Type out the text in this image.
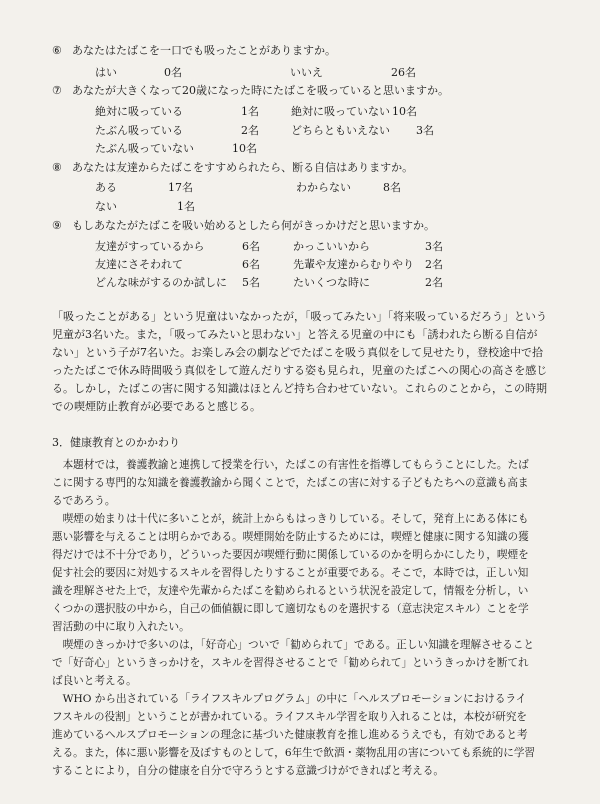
⑥ あなたはたばこを一口でも吸ったことがありますか。
はい	0名	いいえ	26名
⑦ あなたが大きくなって20歳になった時にたばこを吸っていると思いますか。
絶対に吸っている	1名	絶対に吸っていない 10名
たぶん吸っている	2名	どちらともいえない 3名
たぶん吸っていない	10名
⑧ あなたは友達からたばこをすすめられたら、断る自信はありますか。
ある	17名	わからない	8名
ない	1名
⑨ もしあなたがたばこを吸い始めるとしたら何がきっかけだと思いますか。
友達がすっているから	6名	かっこいいから	3名
友達にさそわれて	6名	先輩や友達からむりやり 2名
どんな味がするのか試しに 5名	たいくつな時に	2名

「吸ったことがある」という児童はいなかったが，「吸ってみたい」「将来吸っているだろう」という

児童が3名いた。また，「吸ってみたいと思わない」と答える児童の中にも「誘われたら断る自信が

ない」という子が7名いた。お楽しみ会の劇などでたばこを吸う真似をして見せたり，登校途中で拾

ったたばこで休み時間吸う真似をして遊んだりする姿も見られ，児童のたばこへの関心の高さを感じ

る。しかし，たばこの害に関する知識はほとんど持ち合わせていない。これらのことから，この時期

での喫煙防止教育が必要であると感じる。

3．健康教育とのかかわり

　本題材では，養護教諭と連携して授業を行い，たばこの有害性を指導してもらうことにした。たば

こに関する専門的な知識を養護教諭から聞くことで，たばこの害に対する子どもたちへの意識も高ま

るであろう。

　喫煙の始まりは十代に多いことが，統計上からもはっきりしている。そして，発育上にある体にも

悪い影響を与えることは明らかである。喫煙開始を防止するためには，喫煙と健康に関する知識の獲

得だけでは不十分であり，どういった要因が喫煙行動に関係しているのかを明らかにしたり，喫煙を

促す社会的要因に対処するスキルを習得したりすることが重要である。そこで，本時では，正しい知

識を理解させた上で，友達や先輩からたばこを勧められるという状況を設定して，情報を分析し，い

くつかの選択肢の中から，自己の価値観に即して適切なものを選択する（意志決定スキル）ことを学

習活動の中に取り入れたい。

　喫煙のきっかけで多いのは，「好奇心」ついで「勧められて」である。正しい知識を理解させること

で「好奇心」というきっかけを，スキルを習得させることで「勧められて」というきっかけを断てれ

ば良いと考える。

　WHO から出されている「ライフスキルプログラム」の中に「ヘルスプロモーションにおけるライ

フスキルの役割」ということが書かれている。ライフスキル学習を取り入れることは，本校が研究を

進めているヘルスプロモーションの理念に基づいた健康教育を推し進めるうえでも，有効であると考

える。また，体に悪い影響を及ぼすものとして，6年生で飲酒・薬物乱用の害についても系統的に学習

することにより，自分の健康を自分で守ろうとする意識づけができればと考える。
